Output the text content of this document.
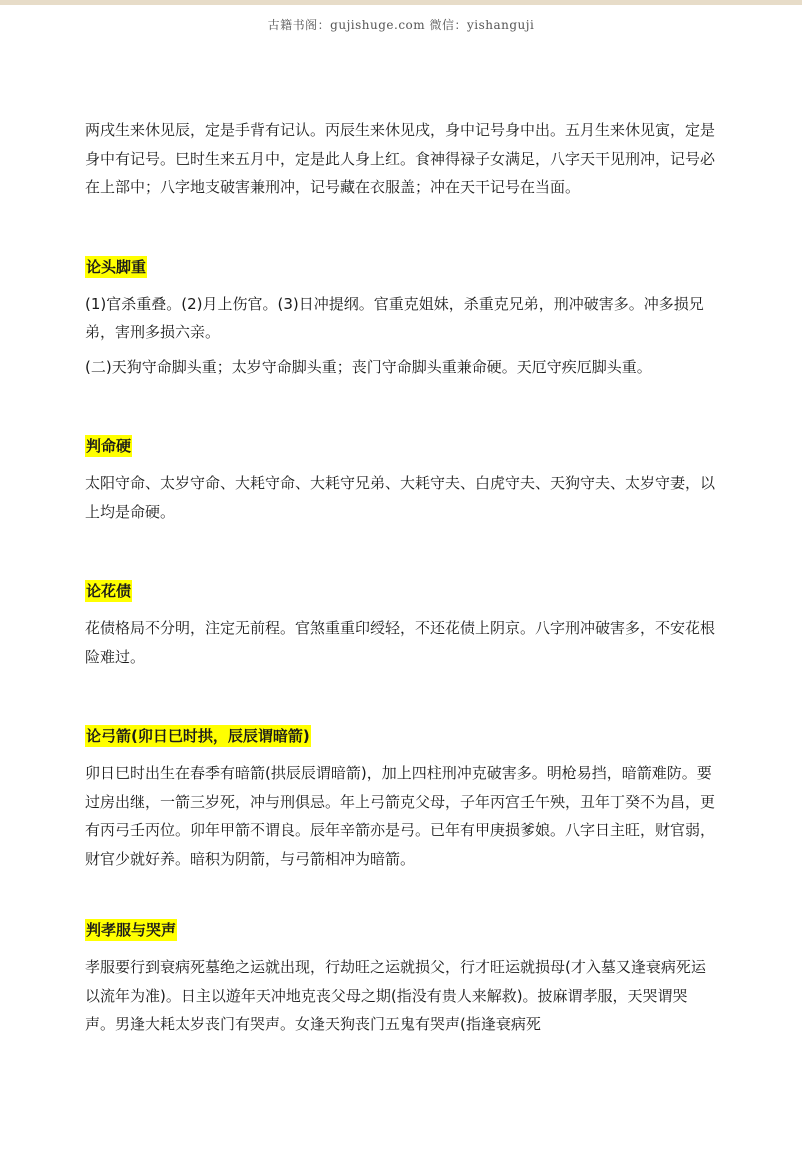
古籍书阁：gujishuge.com 微信：yishanguji

两戌生来休见辰，定是手背有记认。丙辰生来休见戌，身中记号身中出。五月生来休见寅，定是身中有记号。巳时生来五月中，定是此人身上红。食神得禄子女满足，八字天干见刑冲，记号必在上部中；八字地支破害兼刑冲，记号藏在衣服盖；冲在天干记号在当面。

论头脚重

(1)官杀重叠。(2)月上伤官。(3)日冲提纲。官重克姐妹，杀重克兄弟，刑冲破害多。冲多损兄弟，害刑多损六亲。

(二)天狗守命脚头重；太岁守命脚头重；丧门守命脚头重兼命硬。天厄守疾厄脚头重。

判命硬

太阳守命、太岁守命、大耗守命、大耗守兄弟、大耗守夫、白虎守夫、天狗守夫、太岁守妻，以上均是命硬。

论花债

花债格局不分明，注定无前程。官煞重重印绶轻，不还花债上阴京。八字刑冲破害多，不安花根险难过。

论弓箭(卯日巳时拱，辰辰谓暗箭)

卯日巳时出生在春季有暗箭(拱辰辰谓暗箭)，加上四柱刑冲克破害多。明枪易挡，暗箭难防。要过房出继，一箭三岁死，冲与刑俱忌。年上弓箭克父母，子年丙宫壬午殃，丑年丁癸不为昌，更有丙弓壬丙位。卯年甲箭不谓良。辰年辛箭亦是弓。已年有甲庚损爹娘。八字日主旺，财官弱，财官少就好养。暗积为阴箭，与弓箭相冲为暗箭。

判孝服与哭声

孝服要行到衰病死墓绝之运就出现，行劫旺之运就损父，行才旺运就损母(才入墓又逢衰病死运以流年为准)。日主以遊年天冲地克丧父母之期(指没有贵人来解救)。披麻谓孝服，天哭谓哭声。男逢大耗太岁丧门有哭声。女逢天狗丧门五鬼有哭声(指逢衰病死
